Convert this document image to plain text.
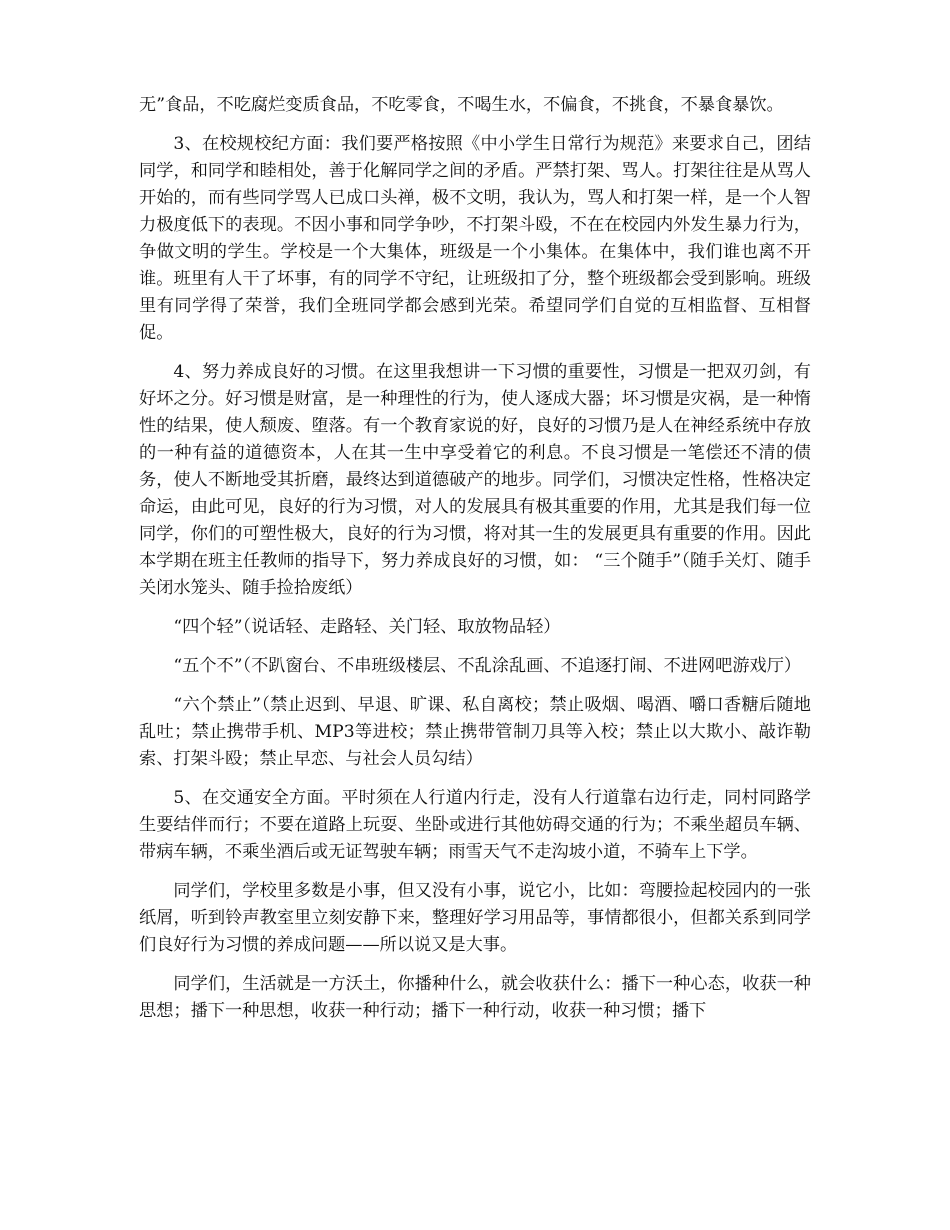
无”食品，不吃腐烂变质食品，不吃零食，不喝生水，不偏食，不挑食，不暴食暴饮。

3、在校规校纪方面：我们要严格按照《中小学生日常行为规范》来要求自己，团结同学，和同学和睦相处，善于化解同学之间的矛盾。严禁打架、骂人。打架往往是从骂人开始的，而有些同学骂人已成口头禅，极不文明，我认为，骂人和打架一样，是一个人智力极度低下的表现。不因小事和同学争吵，不打架斗殴，不在在校园内外发生暴力行为，争做文明的学生。学校是一个大集体，班级是一个小集体。在集体中，我们谁也离不开谁。班里有人干了坏事，有的同学不守纪，让班级扣了分，整个班级都会受到影响。班级里有同学得了荣誉，我们全班同学都会感到光荣。希望同学们自觉的互相监督、互相督促。

4、努力养成良好的习惯。在这里我想讲一下习惯的重要性，习惯是一把双刃剑，有好坏之分。好习惯是财富，是一种理性的行为，使人逐成大器；坏习惯是灾祸，是一种惰性的结果，使人颓废、堕落。有一个教育家说的好，良好的习惯乃是人在神经系统中存放的一种有益的道德资本，人在其一生中享受着它的利息。不良习惯是一笔偿还不清的债务，使人不断地受其折磨，最终达到道德破产的地步。同学们，习惯决定性格，性格决定命运，由此可见，良好的行为习惯，对人的发展具有极其重要的作用，尤其是我们每一位同学，你们的可塑性极大，良好的行为习惯，将对其一生的发展更具有重要的作用。因此本学期在班主任教师的指导下，努力养成良好的习惯，如： “三个随手”（随手关灯、随手关闭水笼头、随手捡拾废纸）

“四个轻”（说话轻、走路轻、关门轻、取放物品轻）

“五个不”（不趴窗台、不串班级楼层、不乱涂乱画、不追逐打闹、不进网吧游戏厅）

“六个禁止”（禁止迟到、早退、旷课、私自离校；禁止吸烟、喝酒、嚼口香糖后随地乱吐；禁止携带手机、MP3等进校；禁止携带管制刀具等入校；禁止以大欺小、敲诈勒索、打架斗殴；禁止早恋、与社会人员勾结）

5、在交通安全方面。平时须在人行道内行走，没有人行道靠右边行走，同村同路学生要结伴而行；不要在道路上玩耍、坐卧或进行其他妨碍交通的行为；不乘坐超员车辆、带病车辆，不乘坐酒后或无证驾驶车辆；雨雪天气不走沟坡小道，不骑车上下学。

同学们，学校里多数是小事，但又没有小事，说它小，比如：弯腰捡起校园内的一张纸屑，听到铃声教室里立刻安静下来，整理好学习用品等，事情都很小，但都关系到同学们良好行为习惯的养成问题——所以说又是大事。

同学们，生活就是一方沃土，你播种什么，就会收获什么：播下一种心态，收获一种思想；播下一种思想，收获一种行动；播下一种行动，收获一种习惯；播下
